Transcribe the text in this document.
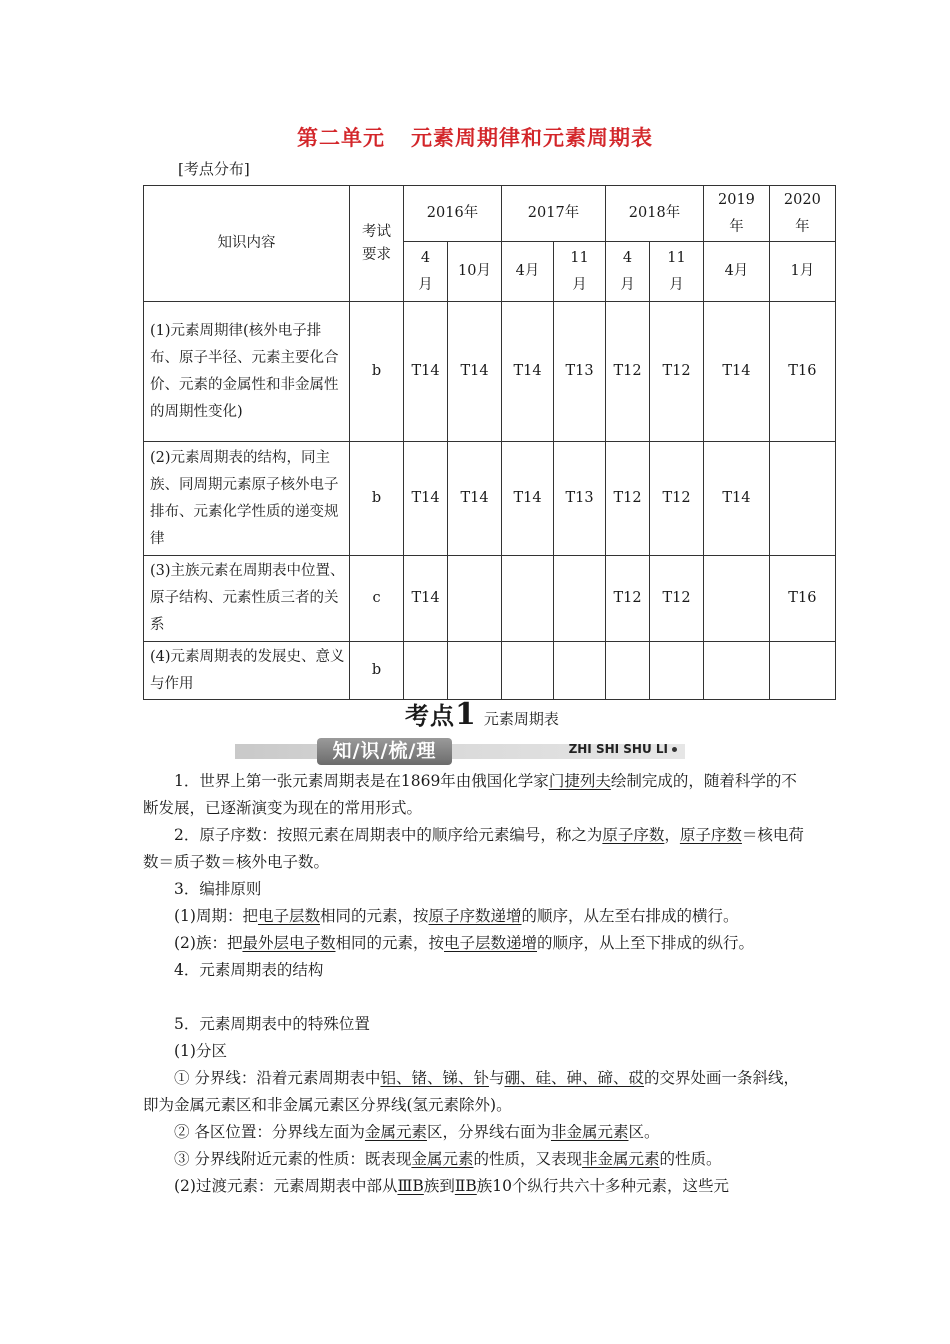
第二单元 元素周期律和元素周期表
[考点分布]
知识内容	考试要求	2016年		2017年		2018年		2019年	2020年
		4月	10月	4月	11月	4月	11月	4月	1月
(1)元素周期律(核外电子排布、原子半径、元素主要化合价、元素的金属性和非金属性的周期性变化)	b	T14	T14	T14	T13	T12	T12	T14	T16
(2)元素周期表的结构，同主族、同周期元素原子核外电子排布、元素化学性质的递变规律	b	T14	T14	T14	T13	T12	T12	T14	
(3)主族元素在周期表中位置、原子结构、元素性质三者的关系	c	T14				T12	T12		T16
(4)元素周期表的发展史、意义与作用	b								
考点1 元素周期表
知/识/梳/理	ZHI SHI SHU LI

1．世界上第一张元素周期表是在1869年由俄国化学家门捷列夫绘制完成的，随着科学的不断发展，已逐渐演变为现在的常用形式。

2．原子序数：按照元素在周期表中的顺序给元素编号，称之为原子序数，原子序数＝核电荷数＝质子数＝核外电子数。

3．编排原则

(1)周期：把电子层数相同的元素，按原子序数递增的顺序，从左至右排成的横行。

(2)族：把最外层电子数相同的元素，按电子层数递增的顺序，从上至下排成的纵行。

4．元素周期表的结构

5．元素周期表中的特殊位置

(1)分区

① 分界线：沿着元素周期表中铝、锗、锑、钋与硼、硅、砷、碲、砹的交界处画一条斜线，即为金属元素区和非金属元素区分界线(氢元素除外)。

② 各区位置：分界线左面为金属元素区，分界线右面为非金属元素区。

③ 分界线附近元素的性质：既表现金属元素的性质，又表现非金属元素的性质。

(2)过渡元素：元素周期表中部从ⅢB族到ⅡB族10个纵行共六十多种元素，这些元
